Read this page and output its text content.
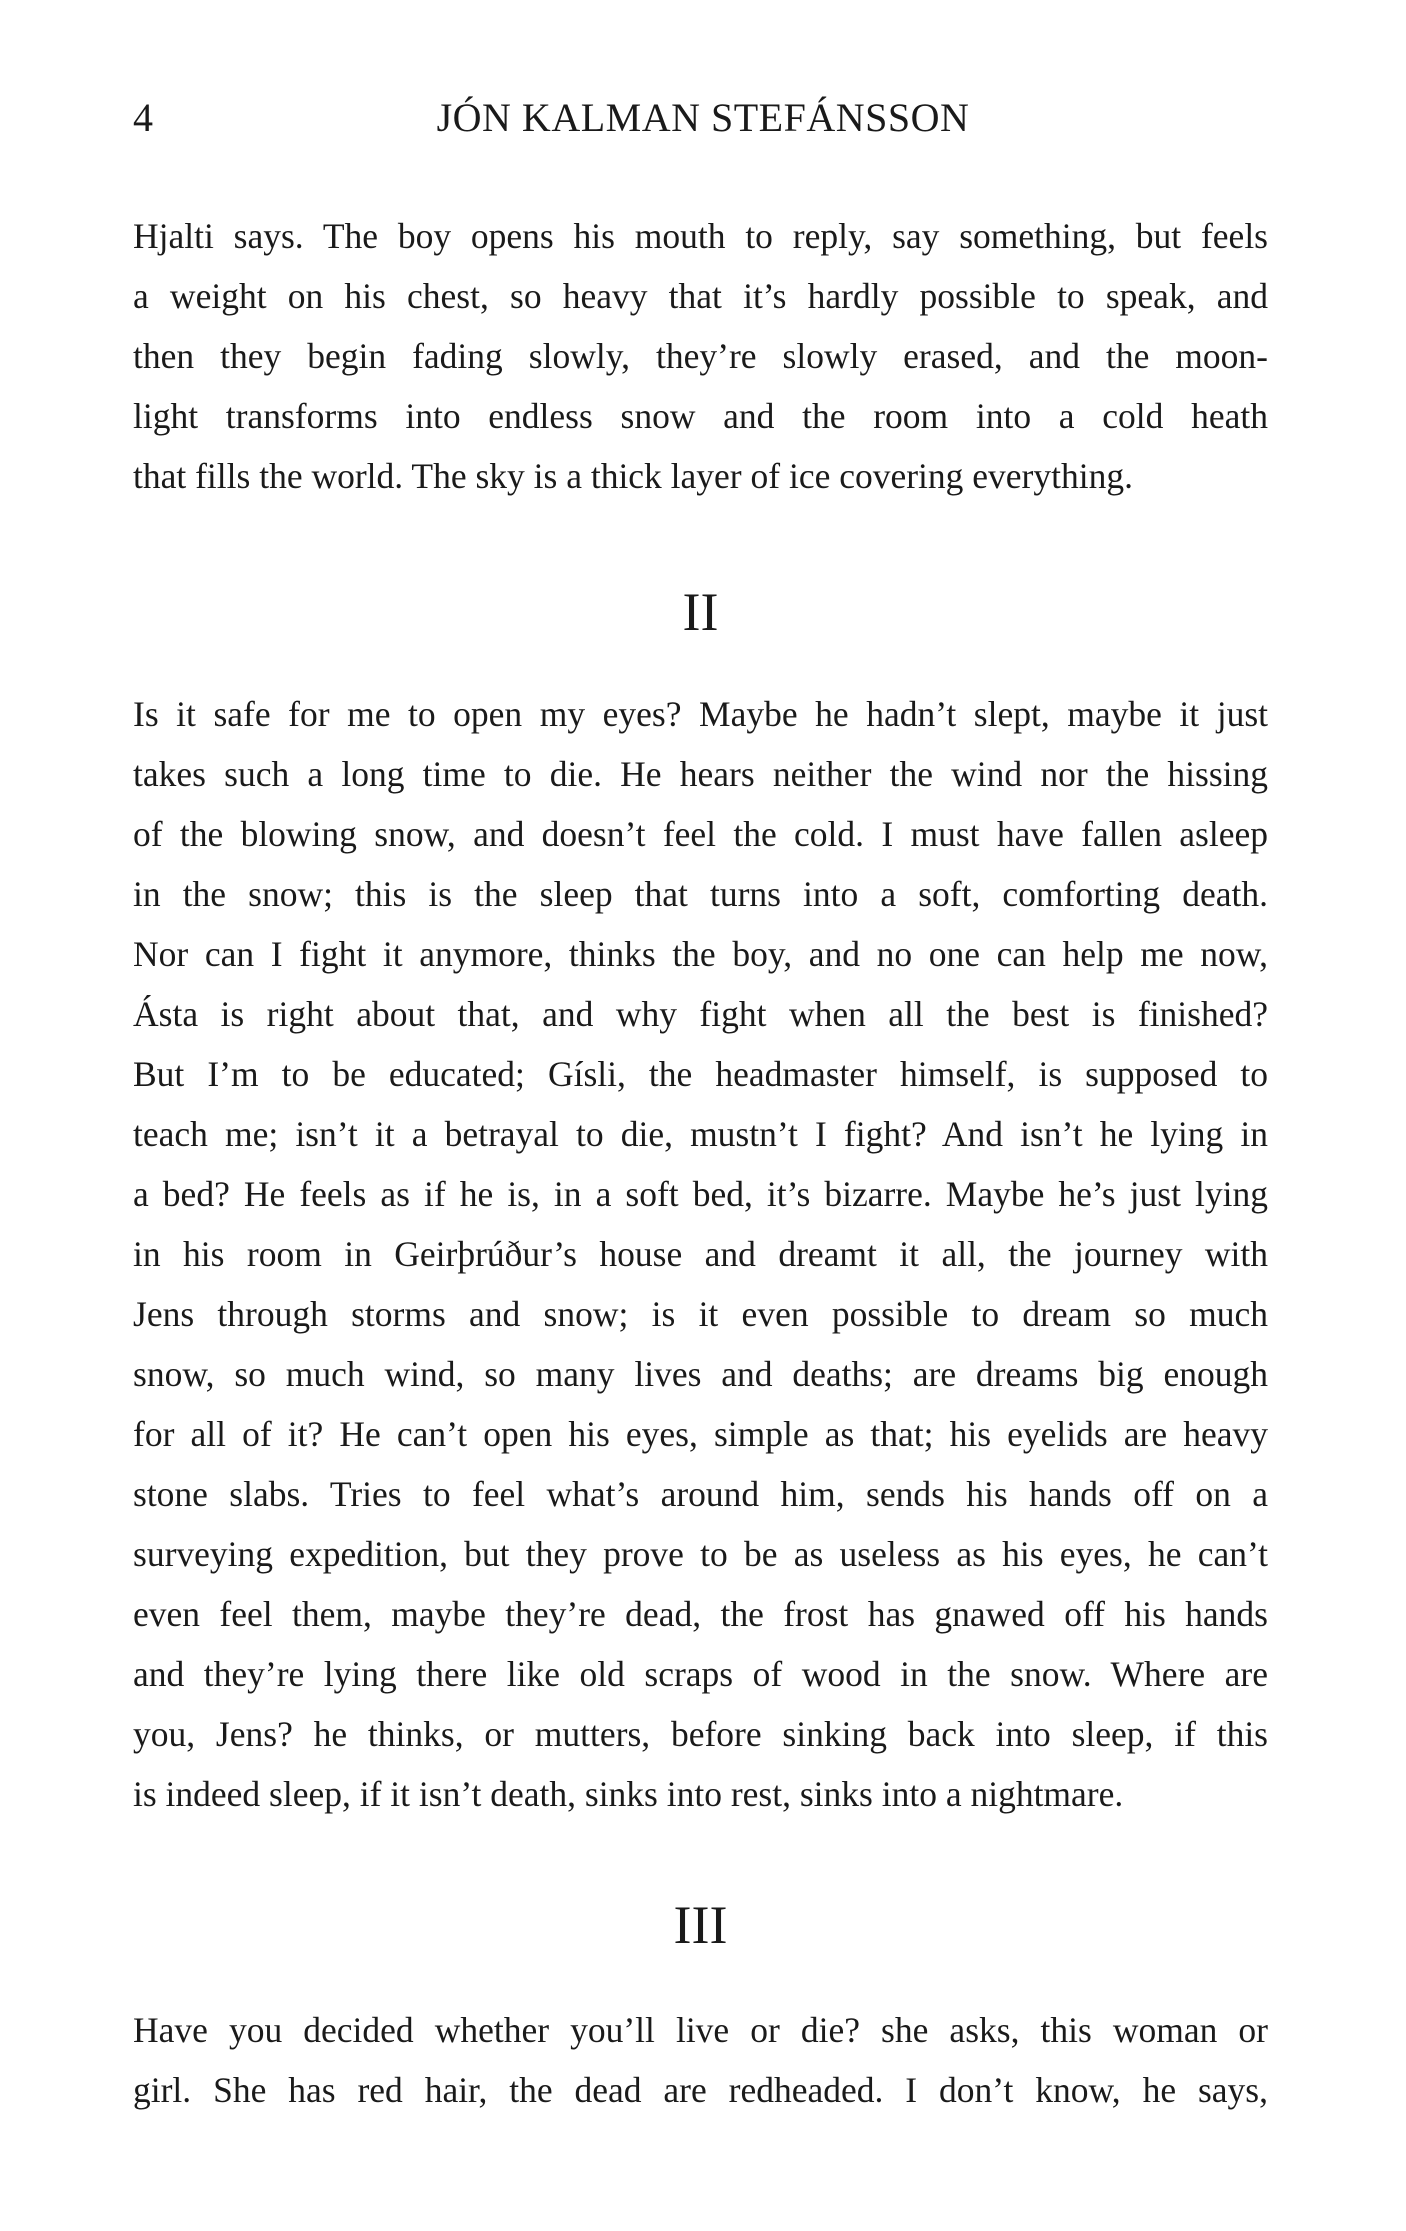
4	JÓN KALMAN STEFÁNSSON
Hjalti says. The boy opens his mouth to reply, say something, but feels
a weight on his chest, so heavy that it’s hardly possible to speak, and
then they begin fading slowly, they’re slowly erased, and the moon-
light transforms into endless snow and the room into a cold heath
that fills the world. The sky is a thick layer of ice covering everything.
II
Is it safe for me to open my eyes? Maybe he hadn’t slept, maybe it just
takes such a long time to die. He hears neither the wind nor the hissing
of the blowing snow, and doesn’t feel the cold. I must have fallen asleep
in the snow; this is the sleep that turns into a soft, comforting death.
Nor can I fight it anymore, thinks the boy, and no one can help me now,
Ásta is right about that, and why fight when all the best is finished?
But I’m to be educated; Gísli, the headmaster himself, is supposed to
teach me; isn’t it a betrayal to die, mustn’t I fight? And isn’t he lying in
a bed? He feels as if he is, in a soft bed, it’s bizarre. Maybe he’s just lying
in his room in Geirþrúður’s house and dreamt it all, the journey with
Jens through storms and snow; is it even possible to dream so much
snow, so much wind, so many lives and deaths; are dreams big enough
for all of it? He can’t open his eyes, simple as that; his eyelids are heavy
stone slabs. Tries to feel what’s around him, sends his hands off on a
surveying expedition, but they prove to be as useless as his eyes, he can’t
even feel them, maybe they’re dead, the frost has gnawed off his hands
and they’re lying there like old scraps of wood in the snow. Where are
you, Jens? he thinks, or mutters, before sinking back into sleep, if this
is indeed sleep, if it isn’t death, sinks into rest, sinks into a nightmare.
III
Have you decided whether you’ll live or die? she asks, this woman or
girl. She has red hair, the dead are redheaded. I don’t know, he says,
